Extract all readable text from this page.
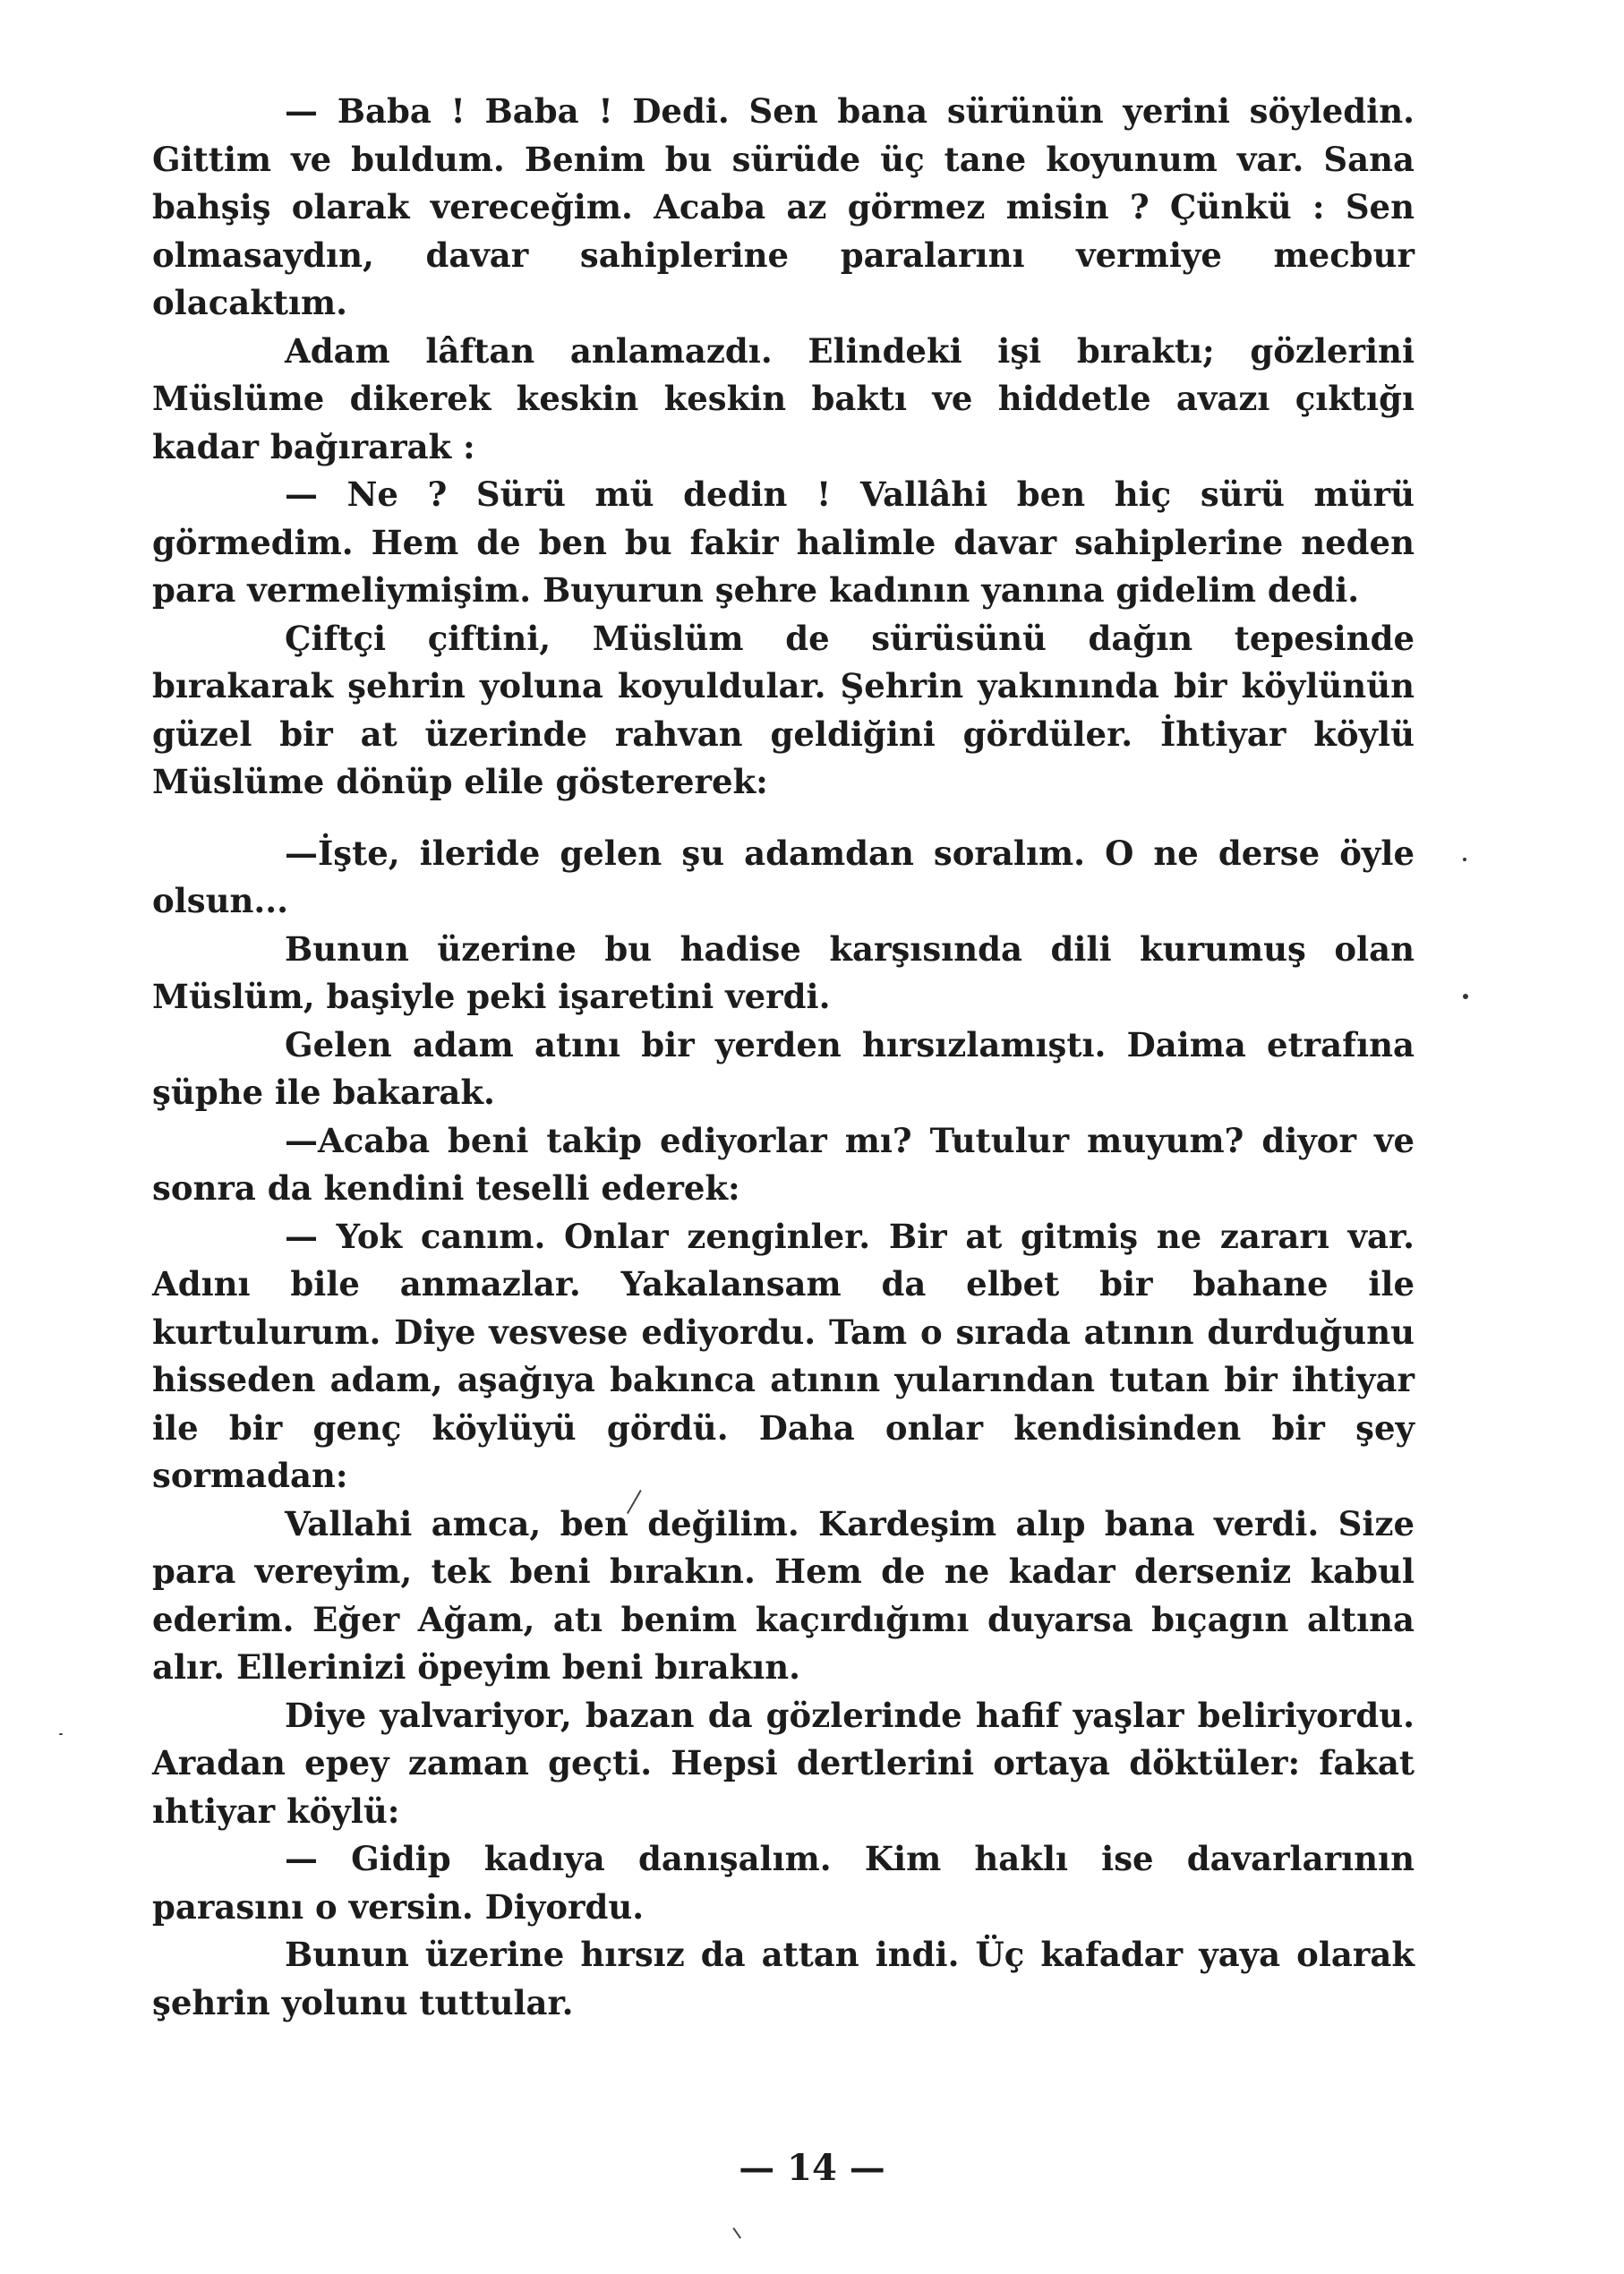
— Baba ! Baba ! Dedi. Sen bana sürünün yerini söyledin. Gittim ve buldum. Benim bu sürüde üç tane koyunum var. Sana bahşiş olarak vereceğim. Acaba az görmez misin ? Çünkü : Sen olmasaydın, davar sahiplerine paralarını vermiye mecbur olacaktım.

Adam lâftan anlamazdı. Elindeki işi bıraktı; gözlerini Müslüme dikerek keskin keskin baktı ve hiddetle avazı çıktığı kadar bağırarak :

— Ne ? Sürü mü dedin ! Vallâhi ben hiç sürü mürü görmedim. Hem de ben bu fakir halimle davar sahiplerine neden para vermeliymişim. Buyurun şehre kadının yanına gidelim dedi.

Çiftçi çiftini, Müslüm de sürüsünü dağın tepesinde bırakarak şehrin yoluna koyuldular. Şehrin yakınında bir köylünün güzel bir at üzerinde rahvan geldiğini gördüler. İhtiyar köylü Müslüme dönüp elile göstererek:

—İşte, ileride gelen şu adamdan soralım. O ne derse öyle olsun...

Bunun üzerine bu hadise karşısında dili kurumuş olan Müslüm, başiyle peki işaretini verdi.

Gelen adam atını bir yerden hırsızlamıştı. Daima etrafına şüphe ile bakarak.

—Acaba beni takip ediyorlar mı? Tutulur muyum? diyor ve sonra da kendini teselli ederek:

— Yok canım. Onlar zenginler. Bir at gitmiş ne zararı var. Adını bile anmazlar. Yakalansam da elbet bir bahane ile kurtulurum. Diye vesvese ediyordu. Tam o sırada atının durduğunu hisseden adam, aşağıya bakınca atının yularından tutan bir ihtiyar ile bir genç köylüyü gördü. Daha onlar kendisinden bir şey sormadan:

Vallahi amca, ben değilim. Kardeşim alıp bana verdi. Size para vereyim, tek beni bırakın. Hem de ne kadar derseniz kabul ederim. Eğer Ağam, atı benim kaçırdığımı duyarsa bıçagın altına alır. Ellerinizi öpeyim beni bırakın.

Diye yalvariyor, bazan da gözlerinde hafif yaşlar beliriyordu. Aradan epey zaman geçti. Hepsi dertlerini ortaya döktüler: fakat ıhtiyar köylü:

— Gidip kadıya danışalım. Kim haklı ise davarlarının parasını o versin. Diyordu.

Bunun üzerine hırsız da attan indi. Üç kafadar yaya olarak şehrin yolunu tuttular.

— 14 —
